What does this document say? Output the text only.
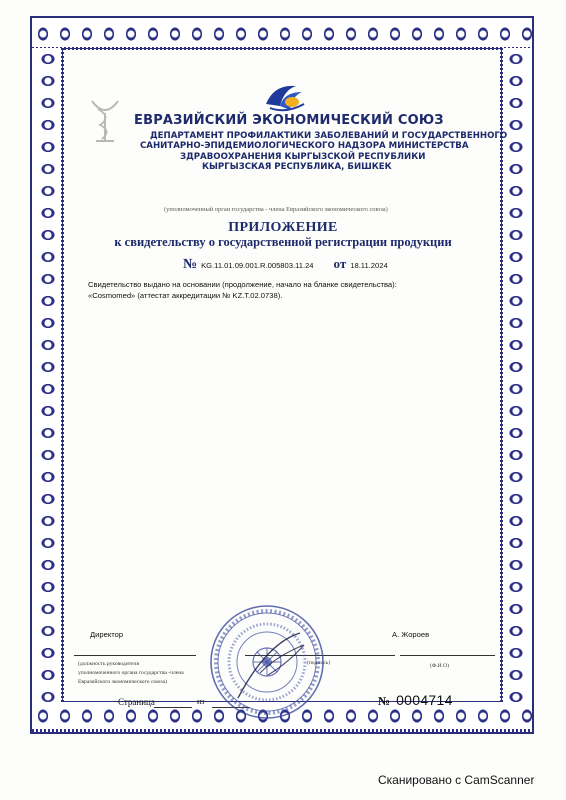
ЕВРАЗИЙСКИЙ ЭКОНОМИЧЕСКИЙ СОЮЗ
ДЕПАРТАМЕНТ ПРОФИЛАКТИКИ ЗАБОЛЕВАНИЙ И ГОСУДАРСТВЕННОГО
САНИТАРНО-ЭПИДЕМИОЛОГИЧЕСКОГО НАДЗОРА МИНИСТЕРСТВА
ЗДРАВООХРАНЕНИЯ КЫРГЫЗСКОЙ РЕСПУБЛИКИ
КЫРГЫЗСКАЯ РЕСПУБЛИКА, БИШКЕК
(уполномоченный орган государства - члена Евразийского экономического союза)
ПРИЛОЖЕНИЕ
к свидетельству о государственной регистрации продукции
№ KG.11.01.09.001.R.005803.11.24 от 18.11.2024
Свидетельство выдано на основании (продолжение, начало на бланке свидетельства):
«Cosmomed» (аттестат аккредитации № KZ.T.02.0738).
Директор	А. Жороев
(должность руководителя
уполномоченного органа государства -члена
Евразийского экономического союза)
(подпись)	(Ф.И.О)
Страница	из	№ 0004714
Сканировано с CamScanner
